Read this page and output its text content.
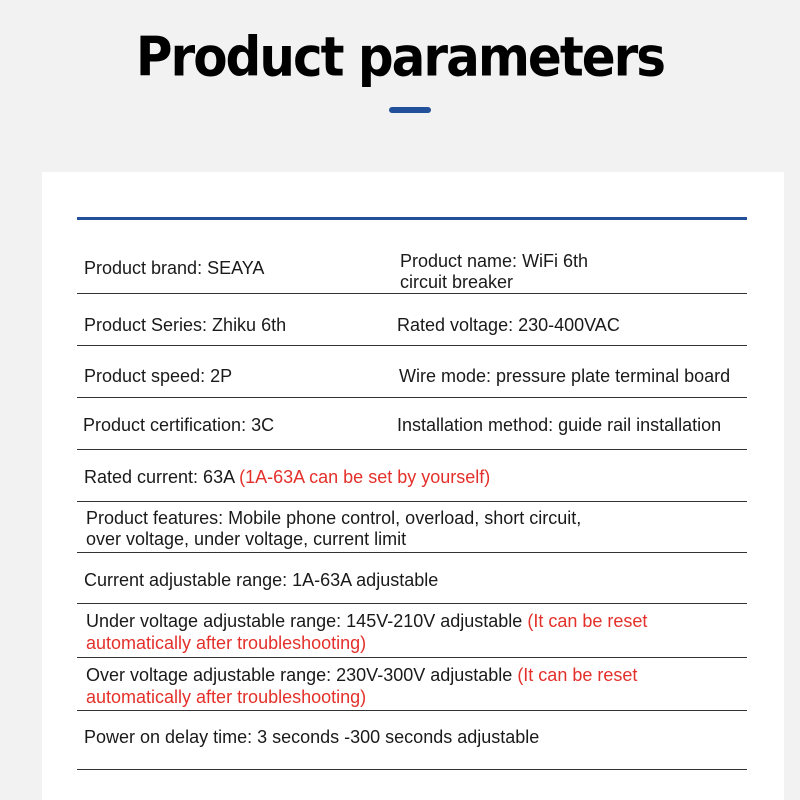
Product parameters
Product brand: SEAYA	Product name: WiFi 6th
circuit breaker
Product Series: Zhiku 6th	Rated voltage: 230-400VAC
Product speed: 2P	Wire mode: pressure plate terminal board
Product certification: 3C	Installation method: guide rail installation
Rated current: 63A (1A-63A can be set by yourself)
Product features: Mobile phone control, overload, short circuit,
over voltage, under voltage, current limit
Current adjustable range: 1A-63A adjustable
Under voltage adjustable range: 145V-210V adjustable (It can be reset
automatically after troubleshooting)
Over voltage adjustable range: 230V-300V adjustable (It can be reset
automatically after troubleshooting)
Power on delay time: 3 seconds -300 seconds adjustable
